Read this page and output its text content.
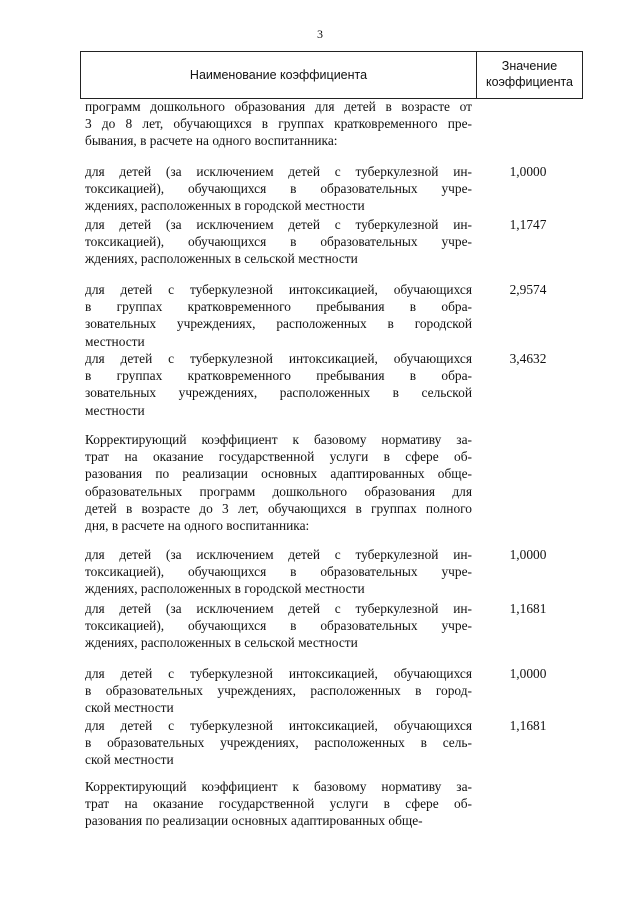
3
Наименование коэффициента
Значение
коэффициента
программ дошкольного образования для детей в возрасте от
3 до 8 лет, обучающихся в группах кратковременного пре-
бывания, в расчете на одного воспитанника:
для детей (за исключением детей с туберкулезной ин-
токсикацией), обучающихся в образовательных учре-
ждениях, расположенных в городской местности
1,0000
для детей (за исключением детей с туберкулезной ин-
токсикацией), обучающихся в образовательных учре-
ждениях, расположенных в сельской местности
1,1747
для детей с туберкулезной интоксикацией, обучающихся
в группах кратковременного пребывания в обра-
зовательных учреждениях, расположенных в городской
местности
2,9574
для детей с туберкулезной интоксикацией, обучающихся
в группах кратковременного пребывания в обра-
зовательных учреждениях, расположенных в сельской
местности
3,4632
Корректирующий коэффициент к базовому нормативу за-
трат на оказание государственной услуги в сфере об-
разования по реализации основных адаптированных обще-
образовательных программ дошкольного образования для
детей в возрасте до 3 лет, обучающихся в группах полного
дня, в расчете на одного воспитанника:
для детей (за исключением детей с туберкулезной ин-
токсикацией), обучающихся в образовательных учре-
ждениях, расположенных в городской местности
1,0000
для детей (за исключением детей с туберкулезной ин-
токсикацией), обучающихся в образовательных учре-
ждениях, расположенных в сельской местности
1,1681
для детей с туберкулезной интоксикацией, обучающихся
в образовательных учреждениях, расположенных в город-
ской местности
1,0000
для детей с туберкулезной интоксикацией, обучающихся
в образовательных учреждениях, расположенных в сель-
ской местности
1,1681
Корректирующий коэффициент к базовому нормативу за-
трат на оказание государственной услуги в сфере об-
разования по реализации основных адаптированных обще-
